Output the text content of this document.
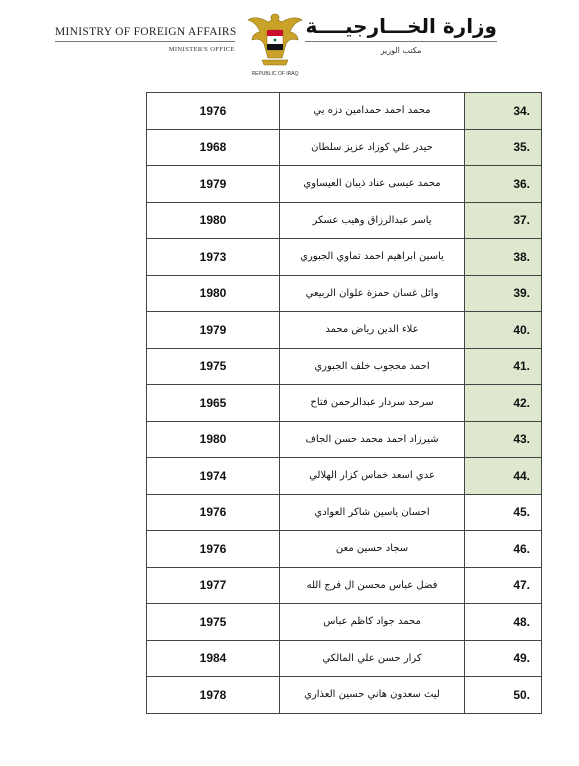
MINISTRY OF FOREIGN AFFAIRS
MINISTER'S OFFICE
REPUBLIC OF IRAQ
وزارة الخـــارجيــــة
مكتب الوزير
1976	محمد احمد حمدامين دزه يي	34.
1968	حيدر علي كوزاد عزيز سلطان	35.
1979	محمد عيسى عناد ذيبان العيساوي	36.
1980	ياسر عبدالرزاق وهيب عسكر	37.
1973	ياسين ابراهيم احمد تماوي الجبوري	38.
1980	وائل غسان حمزة علوان الربيعي	39.
1979	علاء الدين رياض محمد	40.
1975	احمد محجوب خلف الجبوري	41.
1965	سرحد سردار عبدالرحمن فتاح	42.
1980	شيرزاد احمد محمد حسن الجاف	43.
1974	عدي اسعد خماس كزار الهلالي	44.
1976	احسان ياسين شاكر العوادي	45.
1976	سجاد حسين معن	46.
1977	فضل عباس محسن ال فرج الله	47.
1975	محمد جواد كاظم عباس	48.
1984	كرار حسن علي المالكي	49.
1978	ليث سعدون هاني حسين العذاري	50.
